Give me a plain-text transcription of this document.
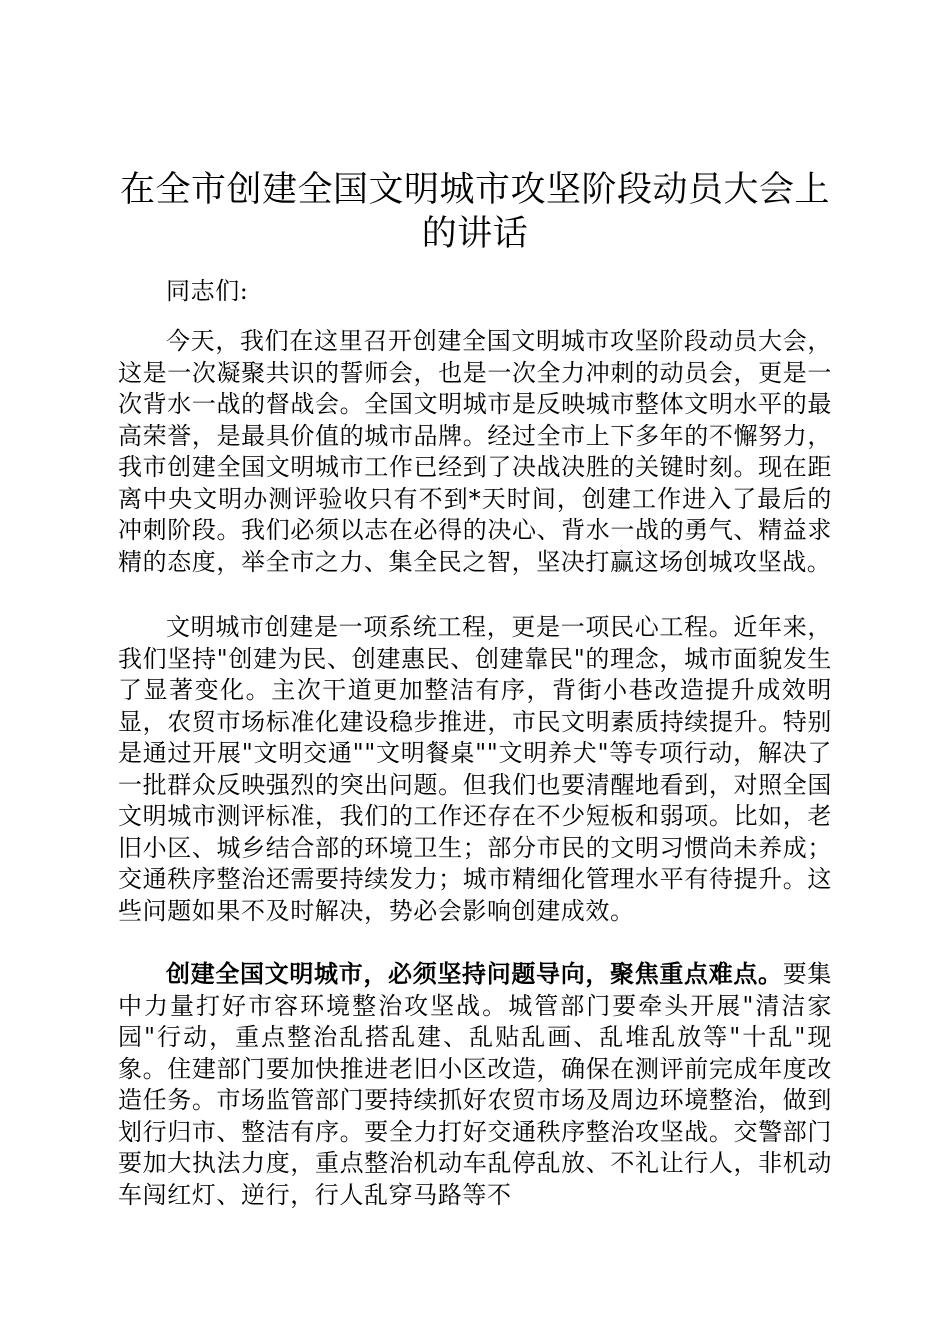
在全市创建全国文明城市攻坚阶段动员大会上的讲话

同志们:

今天，我们在这里召开创建全国文明城市攻坚阶段动员大会，这是一次凝聚共识的誓师会，也是一次全力冲刺的动员会，更是一次背水一战的督战会。全国文明城市是反映城市整体文明水平的最高荣誉，是最具价值的城市品牌。经过全市上下多年的不懈努力，我市创建全国文明城市工作已经到了决战决胜的关键时刻。现在距离中央文明办测评验收只有不到*天时间，创建工作进入了最后的冲刺阶段。我们必须以志在必得的决心、背水一战的勇气、精益求精的态度，举全市之力、集全民之智，坚决打赢这场创城攻坚战。

文明城市创建是一项系统工程，更是一项民心工程。近年来，我们坚持"创建为民、创建惠民、创建靠民"的理念，城市面貌发生了显著变化。主次干道更加整洁有序，背街小巷改造提升成效明显，农贸市场标准化建设稳步推进，市民文明素质持续提升。特别是通过开展"文明交通""文明餐桌""文明养犬"等专项行动，解决了一批群众反映强烈的突出问题。但我们也要清醒地看到，对照全国文明城市测评标准，我们的工作还存在不少短板和弱项。比如，老旧小区、城乡结合部的环境卫生；部分市民的文明习惯尚未养成；交通秩序整治还需要持续发力；城市精细化管理水平有待提升。这些问题如果不及时解决，势必会影响创建成效。

创建全国文明城市，必须坚持问题导向，聚焦重点难点。要集中力量打好市容环境整治攻坚战。城管部门要牵头开展"清洁家园"行动，重点整治乱搭乱建、乱贴乱画、乱堆乱放等"十乱"现象。住建部门要加快推进老旧小区改造，确保在测评前完成年度改造任务。市场监管部门要持续抓好农贸市场及周边环境整治，做到划行归市、整洁有序。要全力打好交通秩序整治攻坚战。交警部门要加大执法力度，重点整治机动车乱停乱放、不礼让行人，非机动车闯红灯、逆行，行人乱穿马路等不
